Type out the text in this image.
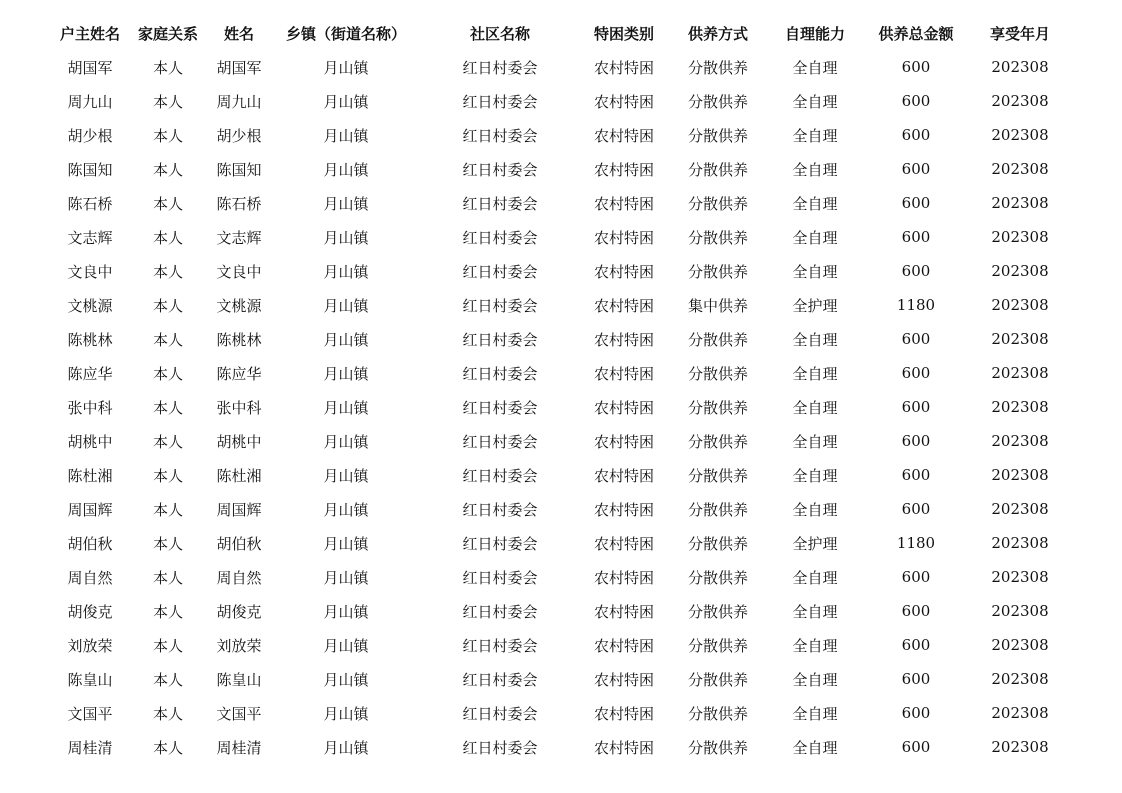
户主姓名	家庭关系	姓名	乡镇（街道名称）	社区名称	特困类别	供养方式	自理能力	供养总金额	享受年月
胡国军	本人	胡国军	月山镇	红日村委会	农村特困	分散供养	全自理	600	202308
周九山	本人	周九山	月山镇	红日村委会	农村特困	分散供养	全自理	600	202308
胡少根	本人	胡少根	月山镇	红日村委会	农村特困	分散供养	全自理	600	202308
陈国知	本人	陈国知	月山镇	红日村委会	农村特困	分散供养	全自理	600	202308
陈石桥	本人	陈石桥	月山镇	红日村委会	农村特困	分散供养	全自理	600	202308
文志辉	本人	文志辉	月山镇	红日村委会	农村特困	分散供养	全自理	600	202308
文良中	本人	文良中	月山镇	红日村委会	农村特困	分散供养	全自理	600	202308
文桃源	本人	文桃源	月山镇	红日村委会	农村特困	集中供养	全护理	1180	202308
陈桃林	本人	陈桃林	月山镇	红日村委会	农村特困	分散供养	全自理	600	202308
陈应华	本人	陈应华	月山镇	红日村委会	农村特困	分散供养	全自理	600	202308
张中科	本人	张中科	月山镇	红日村委会	农村特困	分散供养	全自理	600	202308
胡桃中	本人	胡桃中	月山镇	红日村委会	农村特困	分散供养	全自理	600	202308
陈杜湘	本人	陈杜湘	月山镇	红日村委会	农村特困	分散供养	全自理	600	202308
周国辉	本人	周国辉	月山镇	红日村委会	农村特困	分散供养	全自理	600	202308
胡伯秋	本人	胡伯秋	月山镇	红日村委会	农村特困	分散供养	全护理	1180	202308
周自然	本人	周自然	月山镇	红日村委会	农村特困	分散供养	全自理	600	202308
胡俊克	本人	胡俊克	月山镇	红日村委会	农村特困	分散供养	全自理	600	202308
刘放荣	本人	刘放荣	月山镇	红日村委会	农村特困	分散供养	全自理	600	202308
陈皇山	本人	陈皇山	月山镇	红日村委会	农村特困	分散供养	全自理	600	202308
文国平	本人	文国平	月山镇	红日村委会	农村特困	分散供养	全自理	600	202308
周桂清	本人	周桂清	月山镇	红日村委会	农村特困	分散供养	全自理	600	202308
